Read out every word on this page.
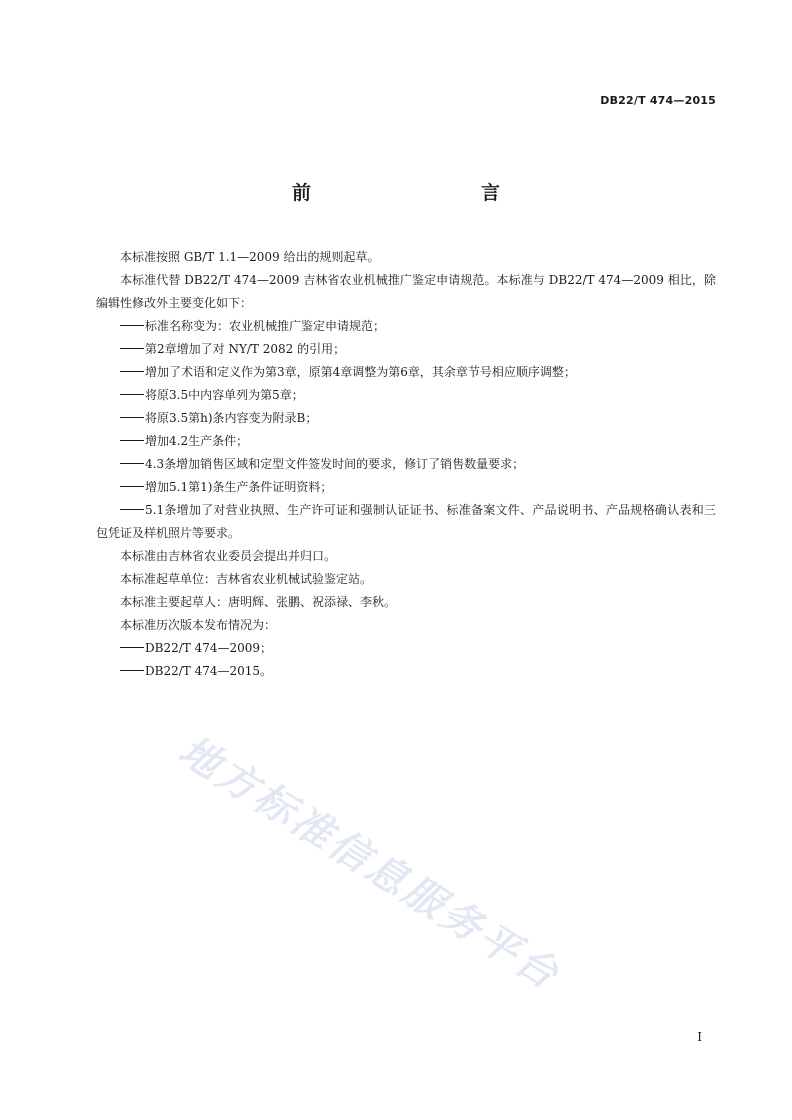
DB22/T 474—2015
前　　言

本标准按照 GB/T 1.1—2009 给出的规则起草。

本标准代替 DB22/T 474—2009 吉林省农业机械推广鉴定申请规范。本标准与 DB22/T 474—2009 相比，除编辑性修改外主要变化如下：

标准名称变为：农业机械推广鉴定申请规范；

第2章增加了对 NY/T 2082 的引用；

增加了术语和定义作为第3章，原第4章调整为第6章，其余章节号相应顺序调整；

将原3.5中内容单列为第5章；

将原3.5第h)条内容变为附录B；

增加4.2生产条件；

4.3条增加销售区域和定型文件签发时间的要求，修订了销售数量要求；

增加5.1第1)条生产条件证明资料；

5.1条增加了对营业执照、生产许可证和强制认证证书、标准备案文件、产品说明书、产品规格确认表和三包凭证及样机照片等要求。

本标准由吉林省农业委员会提出并归口。

本标准起草单位：吉林省农业机械试验鉴定站。

本标准主要起草人：唐明辉、张鹏、祝添禄、李秋。

本标准历次版本发布情况为：

DB22/T 474—2009；

DB22/T 474—2015。

地方标准信息服务平台
I
